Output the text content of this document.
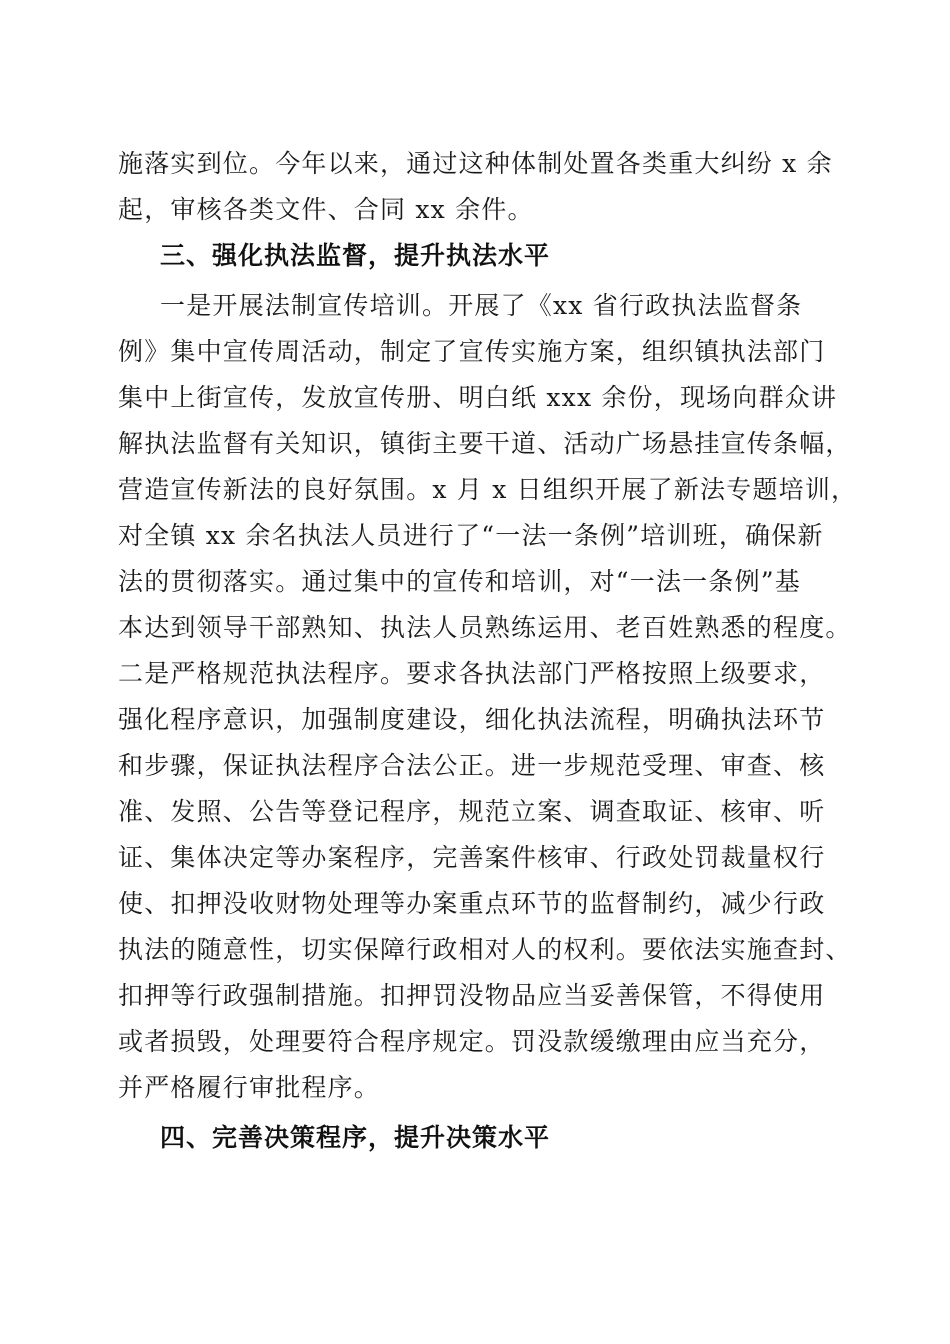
施落实到位。今年以来，通过这种体制处置各类重大纠纷 x 余
起，审核各类文件、合同 xx 余件。
三、强化执法监督，提升执法水平
一是开展法制宣传培训。开展了《xx 省行政执法监督条
例》集中宣传周活动，制定了宣传实施方案，组织镇执法部门
集中上街宣传，发放宣传册、明白纸 xxx 余份，现场向群众讲
解执法监督有关知识，镇街主要干道、活动广场悬挂宣传条幅，
营造宣传新法的良好氛围。x 月 x 日组织开展了新法专题培训，
对全镇 xx 余名执法人员进行了“一法一条例”培训班，确保新
法的贯彻落实。通过集中的宣传和培训，对“一法一条例”基
本达到领导干部熟知、执法人员熟练运用、老百姓熟悉的程度。
二是严格规范执法程序。要求各执法部门严格按照上级要求，
强化程序意识，加强制度建设，细化执法流程，明确执法环节
和步骤，保证执法程序合法公正。进一步规范受理、审查、核
准、发照、公告等登记程序，规范立案、调查取证、核审、听
证、集体决定等办案程序，完善案件核审、行政处罚裁量权行
使、扣押没收财物处理等办案重点环节的监督制约，减少行政
执法的随意性，切实保障行政相对人的权利。要依法实施查封、
扣押等行政强制措施。扣押罚没物品应当妥善保管，不得使用
或者损毁，处理要符合程序规定。罚没款缓缴理由应当充分，
并严格履行审批程序。
四、完善决策程序，提升决策水平
